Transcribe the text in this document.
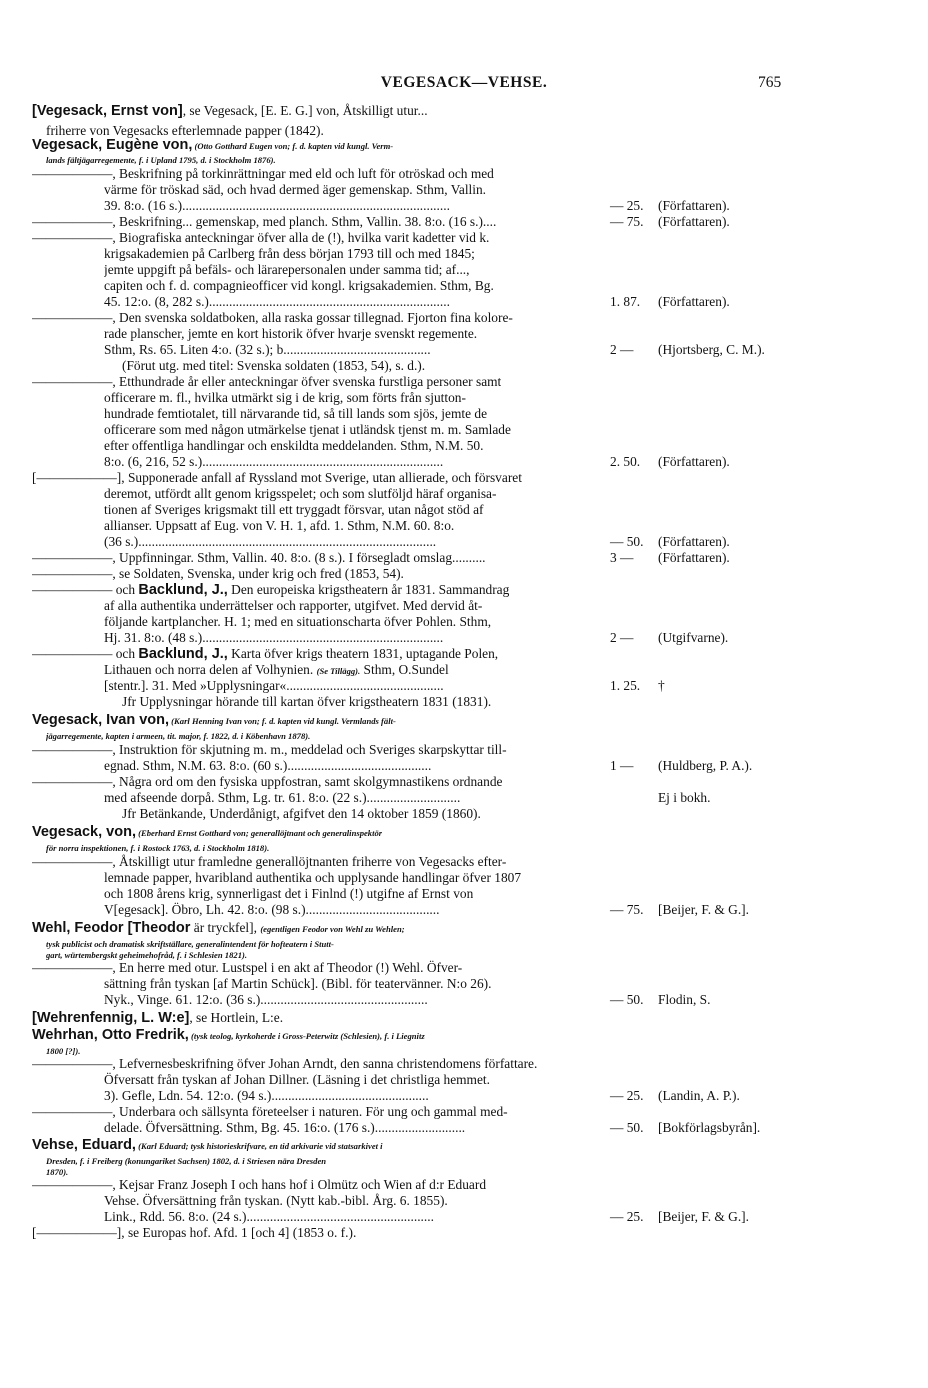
VEGESACK—VEHSE.	765
[Vegesack, Ernst von], se Vegesack, [E. E. G.] von, Åtskilligt utur...
friherre von Vegesacks efterlemnade papper (1842).
Vegesack, Eugène von, (Otto Gotthard Eugen von; f. d. kapten vid kungl. Verm-
lands fältjägarregemente, f. i Upland 1795, d. i Stockholm 1876).
——————, Beskrifning på torkinrättningar med eld och luft för otröskad och med
värme för tröskad säd, och hvad dermed äger gemenskap. Sthm, Vallin.
39. 8:o. (16 s.)................................................................................
——————, Beskrifning... gemenskap, med planch. Sthm, Vallin. 38. 8:o. (16 s.)....
——————, Biografiska anteckningar öfver alla de (!), hvilka varit kadetter vid k.
krigsakademien på Carlberg från dess början 1793 till och med 1845;
jemte uppgift på befäls- och lärarepersonalen under samma tid; af...,
capiten och f. d. compagnieofficer vid kongl. krigsakademien. Sthm, Bg.
45. 12:o. (8, 282 s.)........................................................................
——————, Den svenska soldatboken, alla raska gossar tillegnad. Fjorton fina kolore-
rade planscher, jemte en kort historik öfver hvarje svenskt regemente.
Sthm, Rs. 65. Liten 4:o. (32 s.); b............................................
(Förut utg. med titel: Svenska soldaten (1853, 54), s. d.).
——————, Etthundrade år eller anteckningar öfver svenska furstliga personer samt
officerare m. fl., hvilka utmärkt sig i de krig, som förts från sjutton-
hundrade femtiotalet, till närvarande tid, så till lands som sjös, jemte de
officerare som med någon utmärkelse tjenat i utländsk tjenst m. m. Samlade
efter offentliga handlingar och enskildta meddelanden. Sthm, N.M. 50.
8:o. (6, 216, 52 s.)........................................................................
[——————], Supponerade anfall af Ryssland mot Sverige, utan allierade, och försvaret
deremot, utfördt allt genom krigsspelet; och som slutföljd häraf organisa-
tionen af Sveriges krigsmakt till ett tryggadt försvar, utan något stöd af
allianser. Uppsatt af Eug. von V. H. 1, afd. 1. Sthm, N.M. 60. 8:o.
(36 s.).........................................................................................
——————, Uppfinningar. Sthm, Vallin. 40. 8:o. (8 s.). I försegladt omslag..........
——————, se Soldaten, Svenska, under krig och fred (1853, 54).
—————— och Backlund, J., Den europeiska krigstheatern år 1831. Sammandrag
af alla authentika underrättelser och rapporter, utgifvet. Med dervid åt-
följande kartplancher. H. 1; med en situationscharta öfver Pohlen. Sthm,
Hj. 31. 8:o. (48 s.)........................................................................
—————— och Backlund, J., Karta öfver krigs theatern 1831, uptagande Polen,
Lithauen och norra delen af Volhynien. (Se Tillägg). Sthm, O.Sundel
[stentr.]. 31. Med »Upplysningar«...............................................
Jfr Upplysningar hörande till kartan öfver krigstheatern 1831 (1831).
Vegesack, Ivan von, (Karl Henning Ivan von; f. d. kapten vid kungl. Vermlands fält-
jägarregemente, kapten i armeen, tit. major, f. 1822, d. i Köbenhavn 1878).
——————, Instruktion för skjutning m. m., meddelad och Sveriges skarpskyttar till-
egnad. Sthm, N.M. 63. 8:o. (60 s.)...........................................
——————, Några ord om den fysiska uppfostran, samt skolgymnastikens ordnande
med afseende dorpå. Sthm, Lg. tr. 61. 8:o. (22 s.)............................
Jfr Betänkande, Underdånigt, afgifvet den 14 oktober 1859 (1860).
Vegesack, von, (Eberhard Ernst Gotthard von; generallöjtnant och generalinspektör
för norra inspektionen, f. i Rostock 1763, d. i Stockholm 1818).
——————, Åtskilligt utur framledne generallöjtnanten friherre von Vegesacks efter-
lemnade papper, hvaribland authentika och upplysande handlingar öfver 1807
och 1808 årens krig, synnerligast det i Finlnd (!) utgifne af Ernst von
V[egesack]. Öbro, Lh. 42. 8:o. (98 s.)........................................
Wehl, Feodor [Theodor är tryckfel], (egentligen Feodor von Wehl zu Wehlen;
tysk publicist och dramatisk skriftställare, generalintendent för hofteatern i Stutt-
gart, würtembergskt geheimehofråd, f. i Schlesien 1821).
——————, En herre med otur. Lustspel i en akt af Theodor (!) Wehl. Öfver-
sättning från tyskan [af Martin Schück]. (Bibl. för teatervänner. N:o 26).
Nyk., Vinge. 61. 12:o. (36 s.)..................................................
[Wehrenfennig, L. W:e], se Hortlein, L:e.
Wehrhan, Otto Fredrik, (tysk teolog, kyrkoherde i Gross-Peterwitz (Schlesien), f. i Liegnitz
1800 [?]).
——————, Lefvernesbeskrifning öfver Johan Arndt, den sanna christendomens författare.
Öfversatt från tyskan af Johan Dillner. (Läsning i det christliga hemmet.
3). Gefle, Ldn. 54. 12:o. (94 s.)...............................................
——————, Underbara och sällsynta företeelser i naturen. För ung och gammal med-
delade. Öfversättning. Sthm, Bg. 45. 16:o. (176 s.)...........................
Vehse, Eduard, (Karl Eduard; tysk historieskrifvare, en tid arkivarie vid statsarkivet i
Dresden, f. i Freiberg (konungariket Sachsen) 1802, d. i Striesen nära Dresden
1870).
——————, Kejsar Franz Joseph I och hans hof i Olmütz och Wien af d:r Eduard
Vehse. Öfversättning från tyskan. (Nytt kab.-bibl. Årg. 6. 1855).
Link., Rdd. 56. 8:o. (24 s.)........................................................
[——————], se Europas hof. Afd. 1 [och 4] (1853 o. f.).
— 25. (Författaren).
— 75. (Författaren).
1. 87. (Författaren).
2 — (Hjortsberg, C. M.).
2. 50. (Författaren).
— 50. (Författaren).
3 — (Författaren).
2 — (Utgifvarne).
1. 25. †
1 — (Huldberg, P. A.).
Ej i bokh.
— 75. [Beijer, F. & G.].
— 50. Flodin, S.
— 25. (Landin, A. P.).
— 50. [Bokförlagsbyrån].
— 25. [Beijer, F. & G.].
